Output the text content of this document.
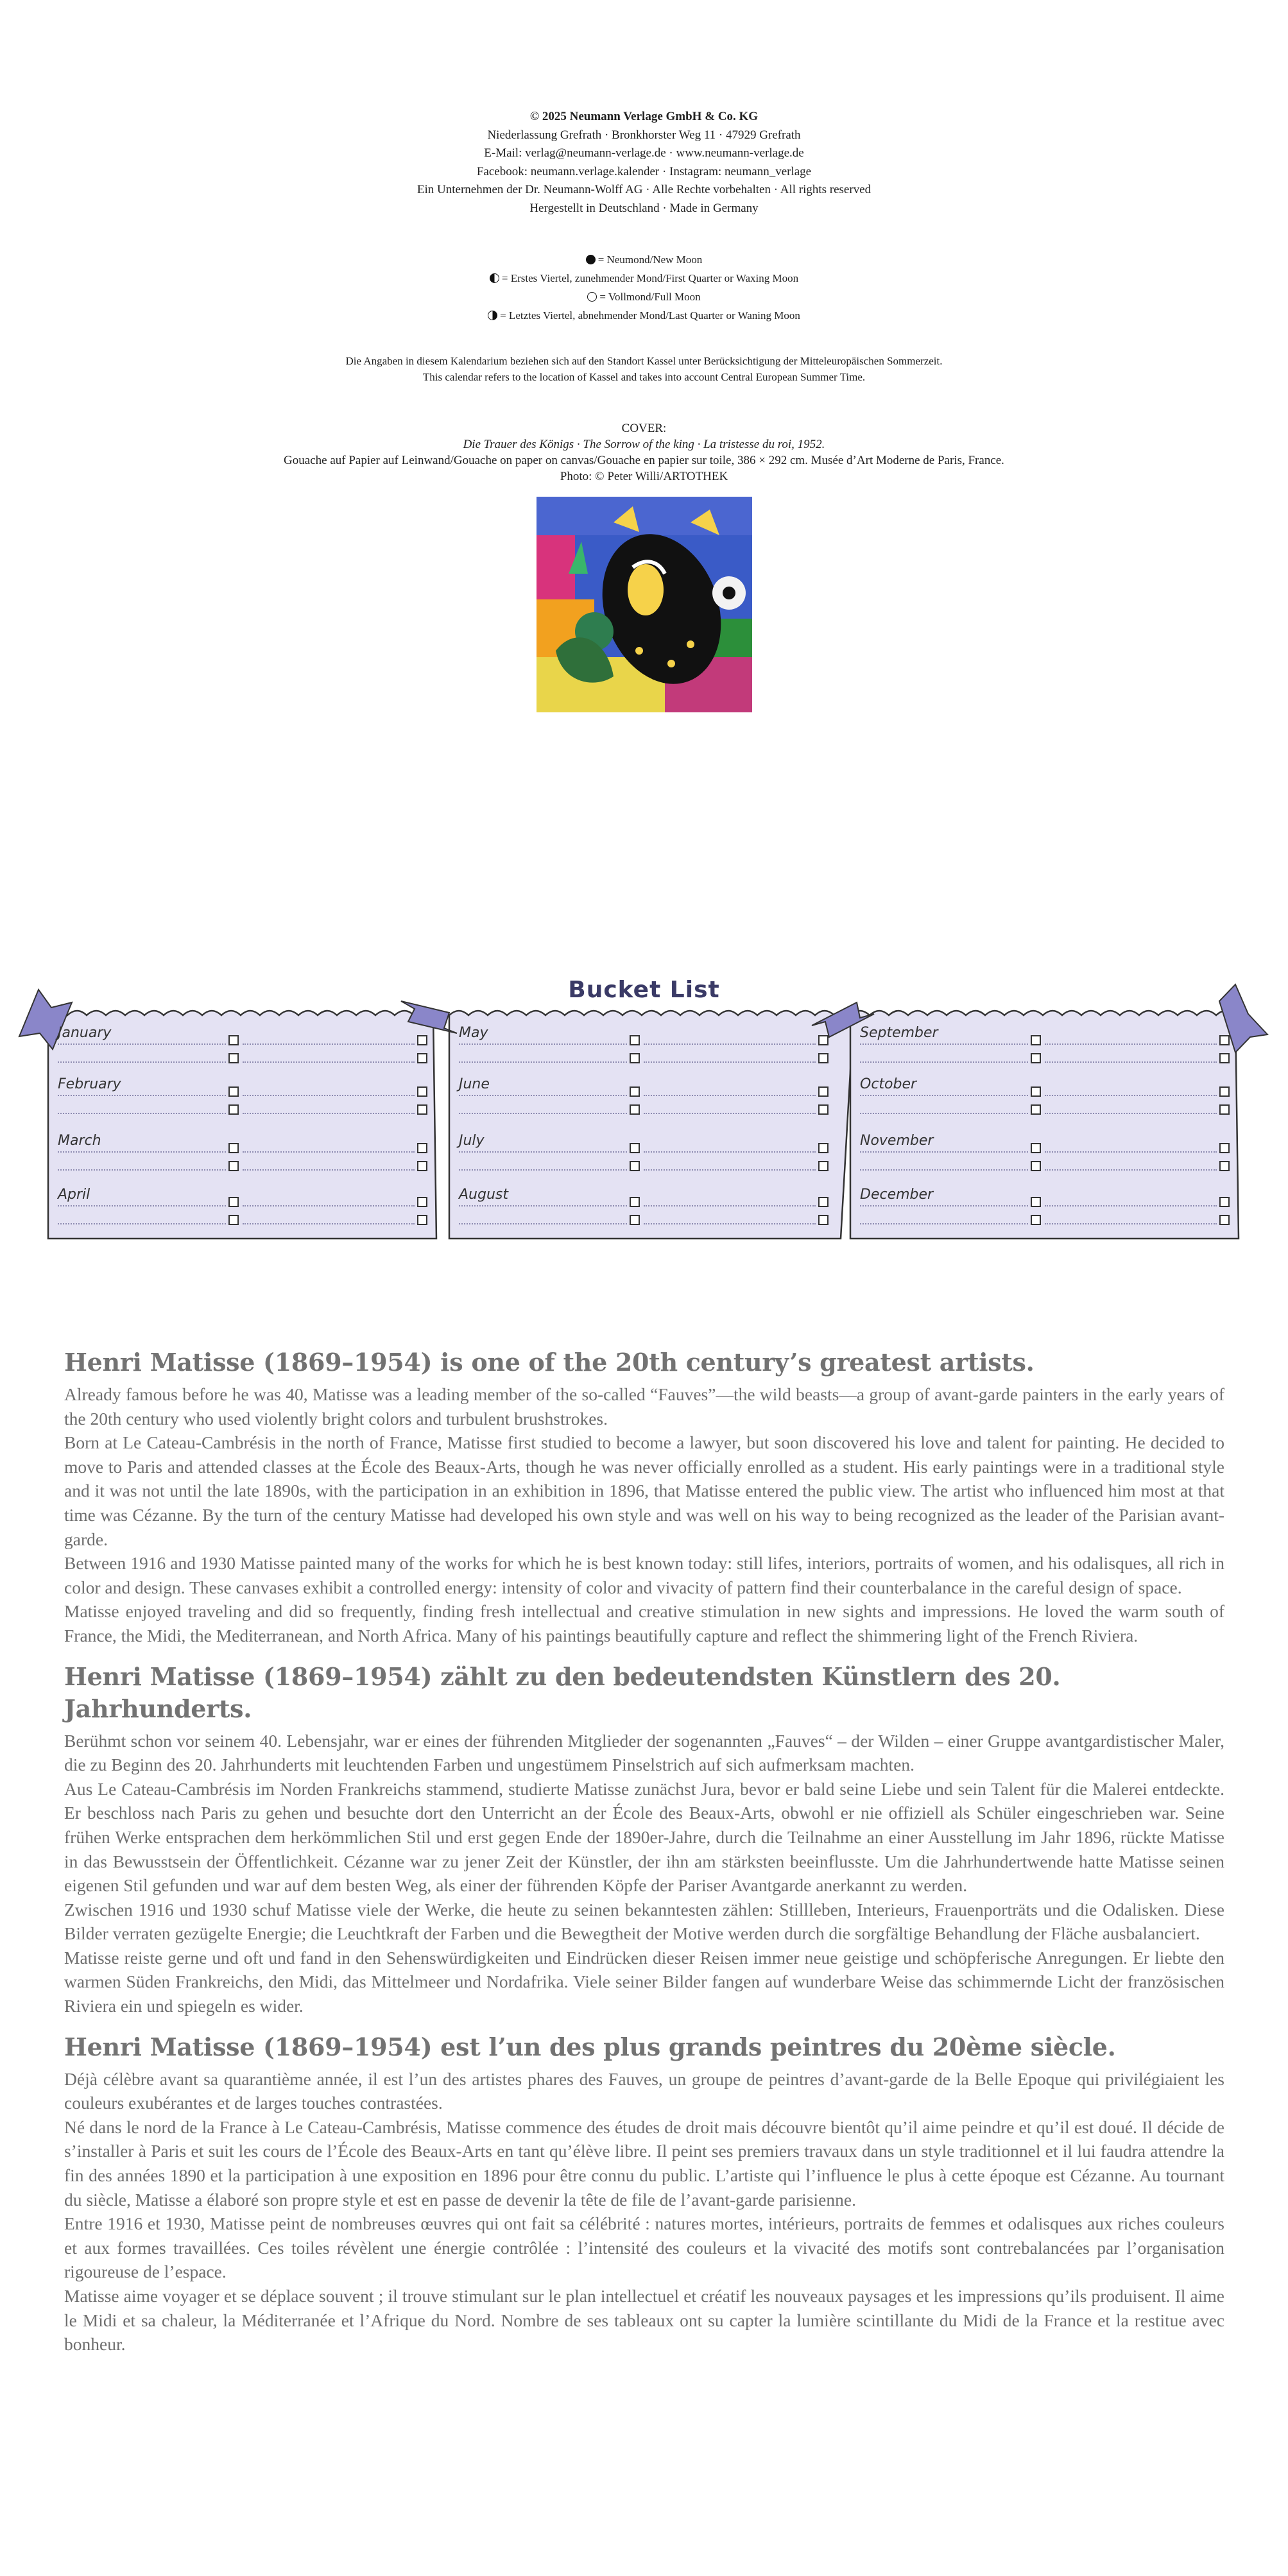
© 2025 Neumann Verlage GmbH & Co. KG
Niederlassung Grefrath · Bronkhorster Weg 11 · 47929 Grefrath
E-Mail: verlag@neumann-verlage.de · www.neumann-verlage.de
Facebook: neumann.verlage.kalender · Instagram: neumann_verlage
Ein Unternehmen der Dr. Neumann-Wolff AG · Alle Rechte vorbehalten · All rights reserved
Hergestellt in Deutschland · Made in Germany
= Neumond/New Moon
= Erstes Viertel, zunehmender Mond/First Quarter or Waxing Moon
= Vollmond/Full Moon
= Letztes Viertel, abnehmender Mond/Last Quarter or Waning Moon
Die Angaben in diesem Kalendarium beziehen sich auf den Standort Kassel unter Berücksichtigung der Mitteleuropäischen Sommerzeit.
This calendar refers to the location of Kassel and takes into account Central European Summer Time.
COVER:
Die Trauer des Königs · The Sorrow of the king · La tristesse du roi, 1952.
Gouache auf Papier auf Leinwand/Gouache on paper on canvas/Gouache en papier sur toile, 386 × 292 cm. Musée d’Art Moderne de Paris, France.
Photo: © Peter Willi/ARTOTHEK
Bucket List
January
February
March
April
May
June
July
August
September
October
November
December
Henri Matisse (1869–1954) is one of the 20th century’s greatest artists.

Already famous before he was 40, Matisse was a leading member of the so-called “Fauves”—the wild beasts—a group of avant-garde painters in the early years of the 20th century who used violently bright colors and turbulent brushstrokes.

Born at Le Cateau-Cambrésis in the north of France, Matisse first studied to become a lawyer, but soon discovered his love and talent for painting. He decided to move to Paris and attended classes at the École des Beaux-Arts, though he was never officially enrolled as a student. His early paintings were in a traditional style and it was not until the late 1890s, with the participation in an exhibition in 1896, that Matisse entered the public view. The artist who influenced him most at that time was Cézanne. By the turn of the century Matisse had developed his own style and was well on his way to being recognized as the leader of the Parisian avant-garde.

Between 1916 and 1930 Matisse painted many of the works for which he is best known today: still lifes, interiors, portraits of women, and his odalisques, all rich in color and design. These canvases exhibit a controlled energy: intensity of color and vivacity of pattern find their counterbalance in the careful design of space.

Matisse enjoyed traveling and did so frequently, finding fresh intellectual and creative stimulation in new sights and impressions. He loved the warm south of France, the Midi, the Mediterranean, and North Africa. Many of his paintings beautifully capture and reflect the shimmering light of the French Riviera.

Henri Matisse (1869–1954) zählt zu den bedeutendsten Künstlern des 20. Jahrhunderts.

Berühmt schon vor seinem 40. Lebensjahr, war er eines der führenden Mitglieder der sogenannten „Fauves“ – der Wilden – einer Gruppe avantgardistischer Maler, die zu Beginn des 20. Jahrhunderts mit leuchtenden Farben und ungestümem Pinselstrich auf sich aufmerksam machten.

Aus Le Cateau-Cambrésis im Norden Frankreichs stammend, studierte Matisse zunächst Jura, bevor er bald seine Liebe und sein Talent für die Malerei entdeckte. Er beschloss nach Paris zu gehen und besuchte dort den Unterricht an der École des Beaux-Arts, obwohl er nie offiziell als Schüler eingeschrieben war. Seine frühen Werke entsprachen dem herkömmlichen Stil und erst gegen Ende der 1890er-Jahre, durch die Teilnahme an einer Ausstellung im Jahr 1896, rückte Matisse in das Bewusstsein der Öffentlichkeit. Cézanne war zu jener Zeit der Künstler, der ihn am stärksten beeinflusste. Um die Jahrhundertwende hatte Matisse seinen eigenen Stil gefunden und war auf dem besten Weg, als einer der führenden Köpfe der Pariser Avantgarde anerkannt zu werden.

Zwischen 1916 und 1930 schuf Matisse viele der Werke, die heute zu seinen bekanntesten zählen: Stillleben, Interieurs, Frauenporträts und die Odalisken. Diese Bilder verraten gezügelte Energie; die Leuchtkraft der Farben und die Bewegtheit der Motive werden durch die sorgfältige Behandlung der Fläche ausbalanciert.

Matisse reiste gerne und oft und fand in den Sehenswürdigkeiten und Eindrücken dieser Reisen immer neue geistige und schöpferische Anregungen. Er liebte den warmen Süden Frankreichs, den Midi, das Mittelmeer und Nordafrika. Viele seiner Bilder fangen auf wunderbare Weise das schimmernde Licht der französischen Riviera ein und spiegeln es wider.

Henri Matisse (1869–1954) est l’un des plus grands peintres du 20ème siècle.

Déjà célèbre avant sa quarantième année, il est l’un des artistes phares des Fauves, un groupe de peintres d’avant-garde de la Belle Epoque qui privilégiaient les couleurs exubérantes et de larges touches contrastées.

Né dans le nord de la France à Le Cateau-Cambrésis, Matisse commence des études de droit mais découvre bientôt qu’il aime peindre et qu’il est doué. Il décide de s’installer à Paris et suit les cours de l’École des Beaux-Arts en tant qu’élève libre. Il peint ses premiers travaux dans un style traditionnel et il lui faudra attendre la fin des années 1890 et la participation à une exposition en 1896 pour être connu du public. L’artiste qui l’influence le plus à cette époque est Cézanne. Au tournant du siècle, Matisse a élaboré son propre style et est en passe de devenir la tête de file de l’avant-garde parisienne.

Entre 1916 et 1930, Matisse peint de nombreuses œuvres qui ont fait sa célébrité : natures mortes, intérieurs, portraits de femmes et odalisques aux riches couleurs et aux formes travaillées. Ces toiles révèlent une énergie contrôlée : l’intensité des couleurs et la vivacité des motifs sont contrebalancées par l’organisation rigoureuse de l’espace.

Matisse aime voyager et se déplace souvent ; il trouve stimulant sur le plan intellectuel et créatif les nouveaux paysages et les impressions qu’ils produisent. Il aime le Midi et sa chaleur, la Méditerranée et l’Afrique du Nord. Nombre de ses tableaux ont su capter la lumière scintillante du Midi de la France et la restitue avec bonheur.
